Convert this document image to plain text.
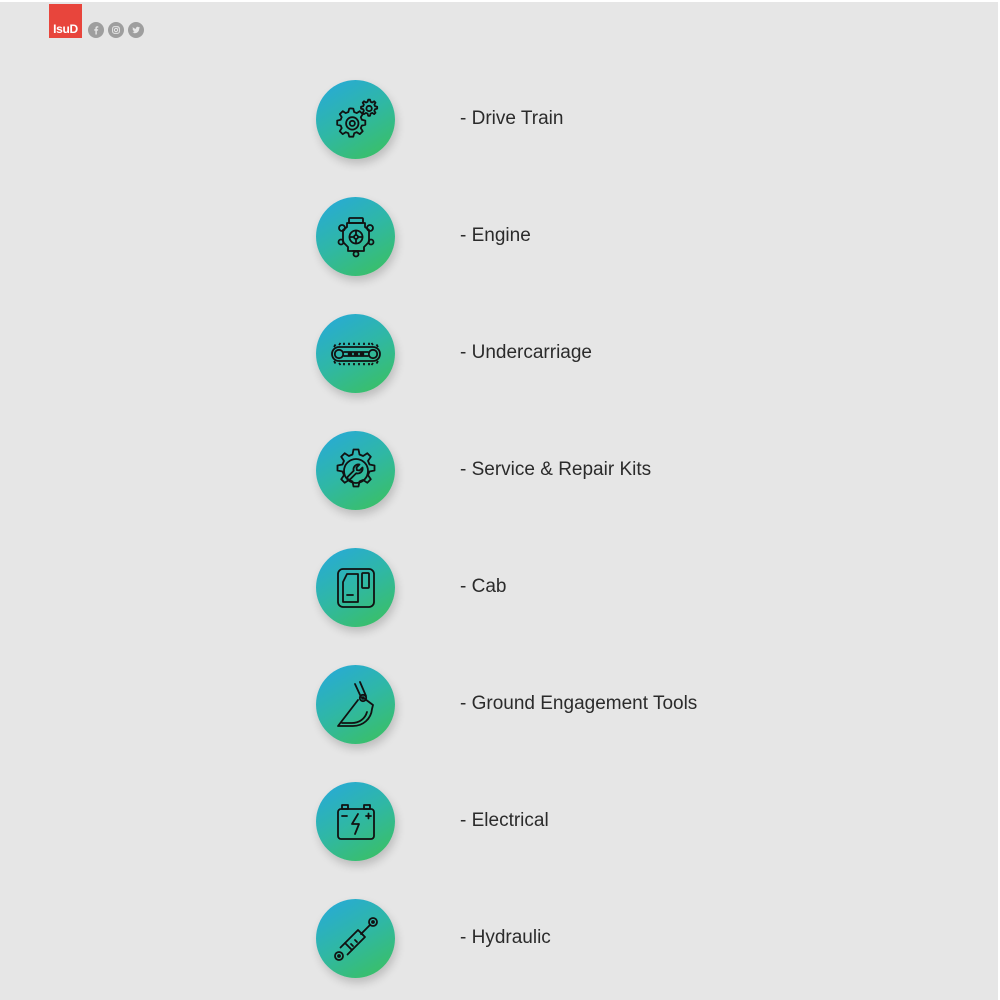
IsuD
- Drive Train
- Engine
- Undercarriage
- Service & Repair Kits
- Cab
- Ground Engagement Tools
- Electrical
- Hydraulic
